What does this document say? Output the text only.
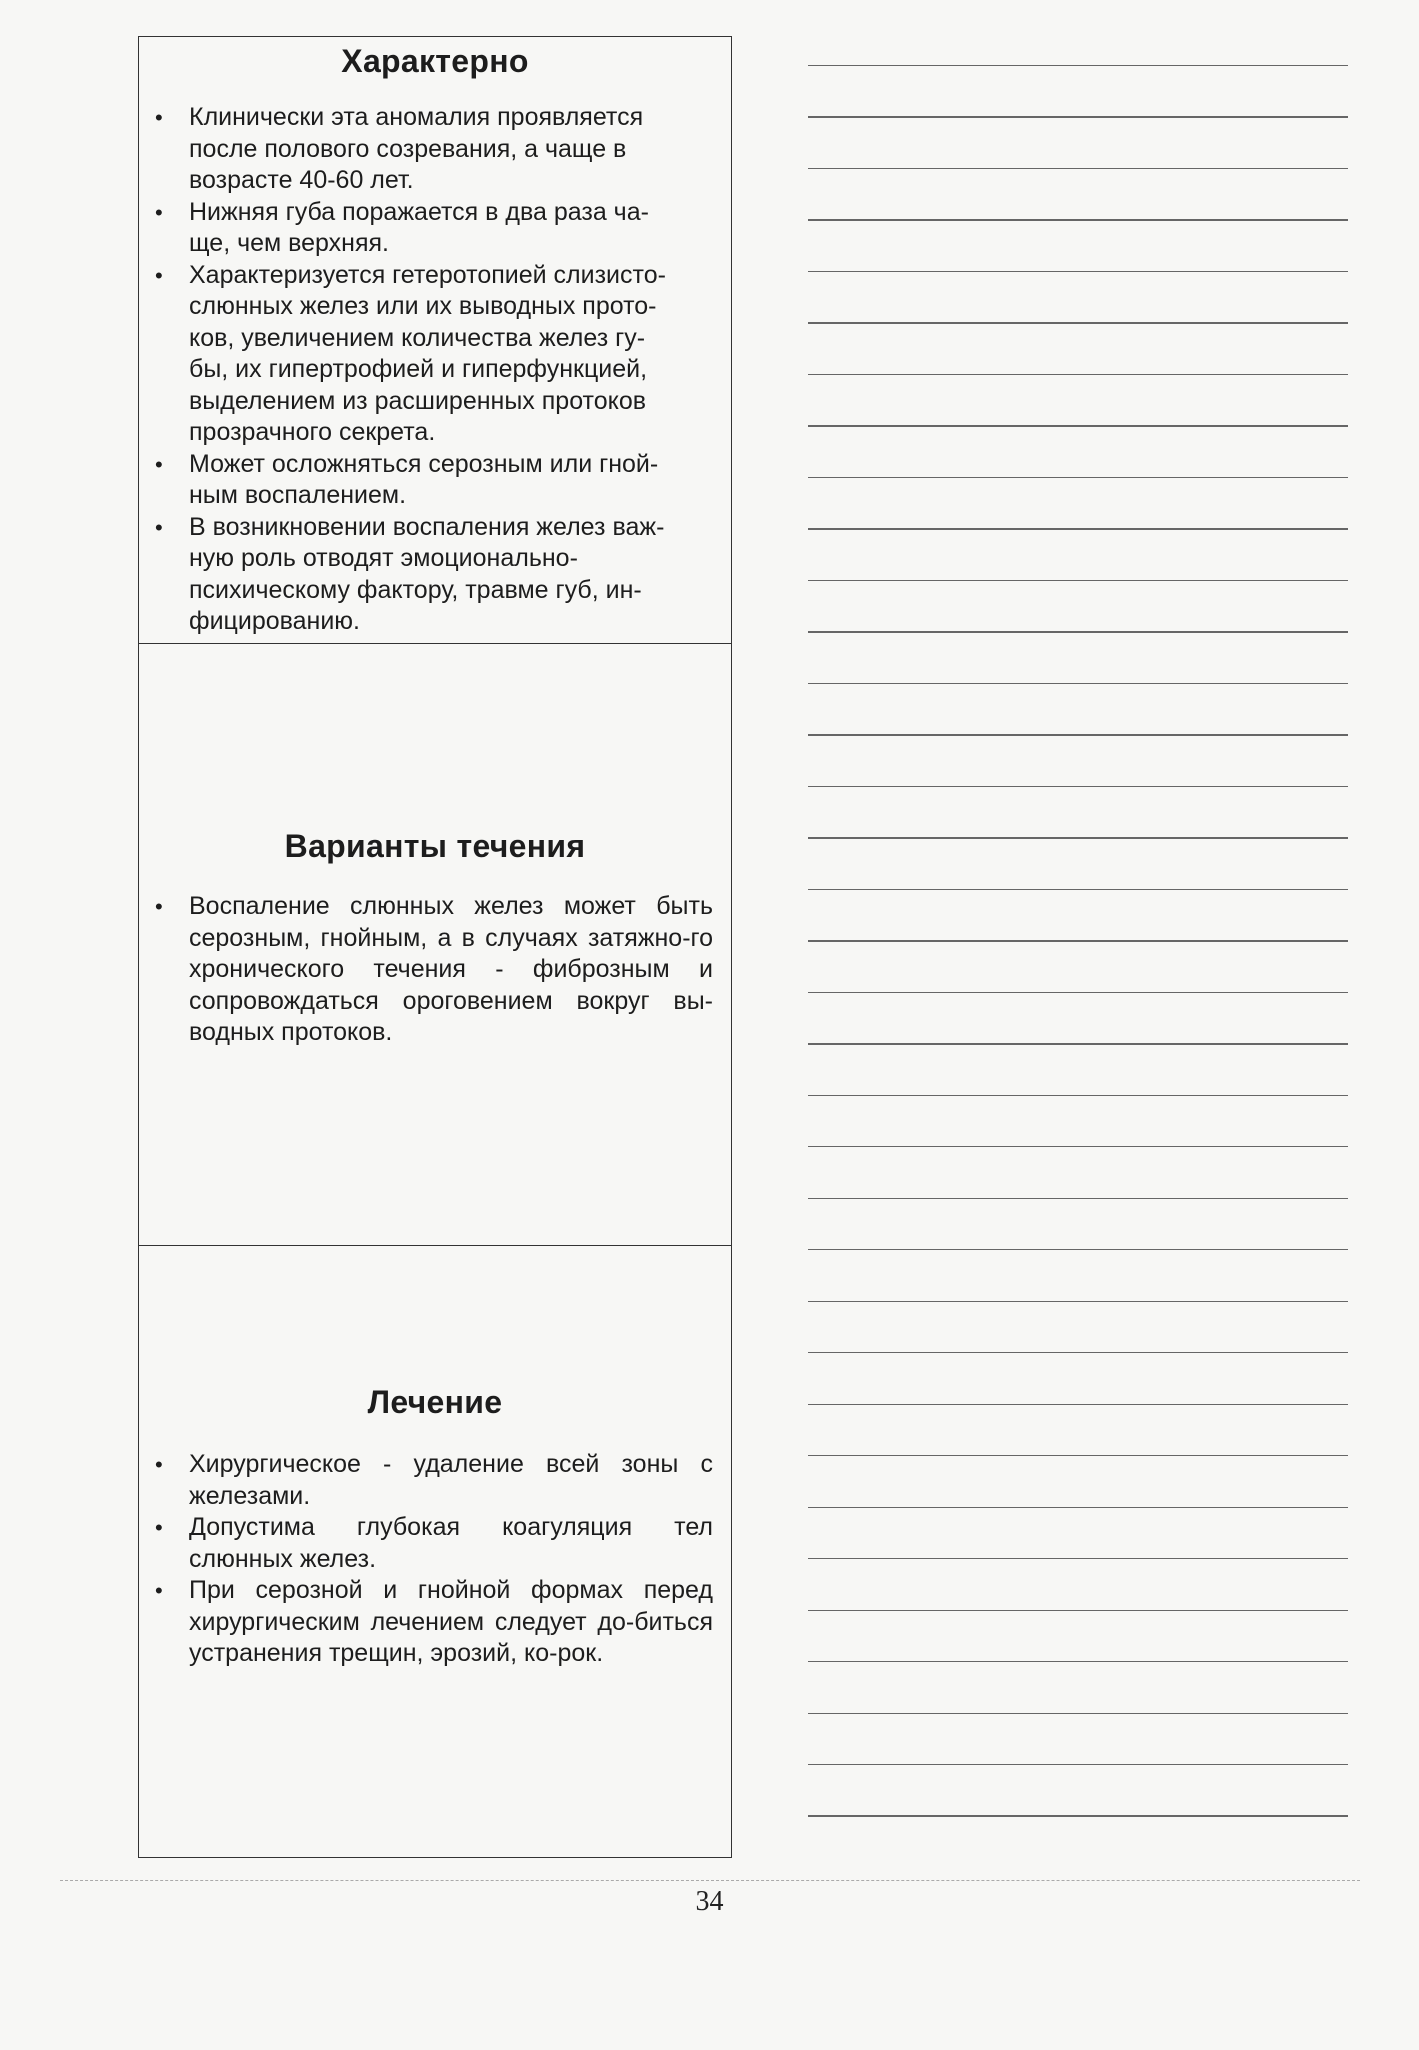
Характерно
• Клинически эта аномалия проявляется
после полового созревания, а чаще в
возрасте 40-60 лет.
• Нижняя губа поражается в два раза ча-
ще, чем верхняя.
• Характеризуется гетеротопией слизисто-
слюнных желез или их выводных прото-
ков, увеличением количества желез гу-
бы, их гипертрофией и гиперфункцией,
выделением из расширенных протоков
прозрачного секрета.
• Может осложняться серозным или гной-
ным воспалением.
• В возникновении воспаления желез важ-
ную роль отводят эмоционально-
психическому фактору, травме губ, ин-
фицированию.
Варианты течения
• Воспаление слюнных желез может быть серозным, гнойным, а в случаях затяжно-го хронического течения - фиброзным и сопровождаться ороговением вокруг вы-водных протоков.
Лечение
• Хирургическое - удаление всей зоны с железами.
• Допустима глубокая коагуляция тел слюнных желез.
• При серозной и гнойной формах перед хирургическим лечением следует до-биться устранения трещин, эрозий, ко-рок.
34
